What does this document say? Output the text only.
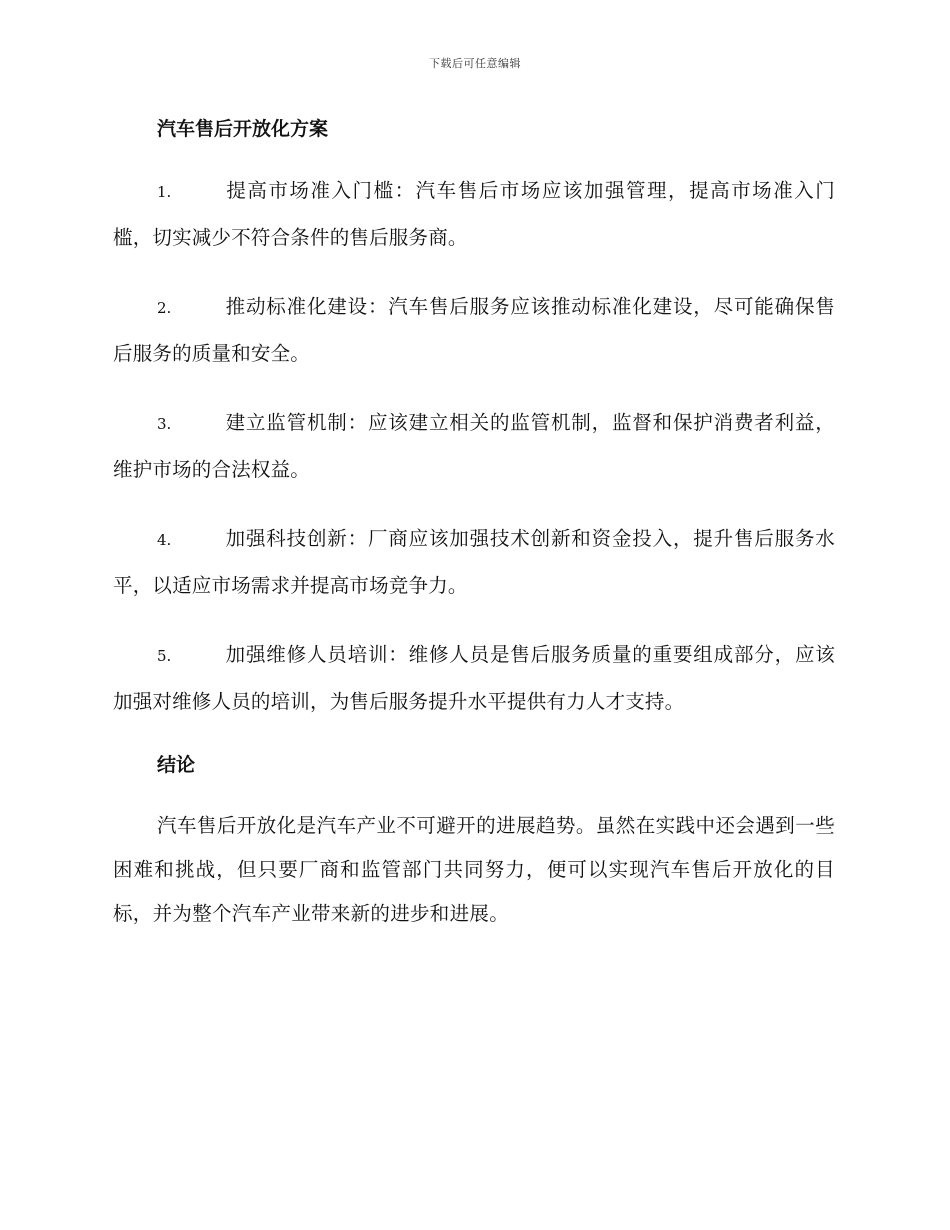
下载后可任意编辑
汽车售后开放化方案
1.	提高市场准入门槛：汽车售后市场应该加强管理，提高市场准入门槛，切实减少不符合条件的售后服务商。
2.	推动标准化建设：汽车售后服务应该推动标准化建设，尽可能确保售后服务的质量和安全。
3.	建立监管机制：应该建立相关的监管机制，监督和保护消费者利益，维护市场的合法权益。
4.	加强科技创新：厂商应该加强技术创新和资金投入，提升售后服务水平，以适应市场需求并提高市场竞争力。
5.	加强维修人员培训：维修人员是售后服务质量的重要组成部分，应该加强对维修人员的培训，为售后服务提升水平提供有力人才支持。
结论

汽车售后开放化是汽车产业不可避开的进展趋势。虽然在实践中还会遇到一些困难和挑战，但只要厂商和监管部门共同努力，便可以实现汽车售后开放化的目标，并为整个汽车产业带来新的进步和进展。
